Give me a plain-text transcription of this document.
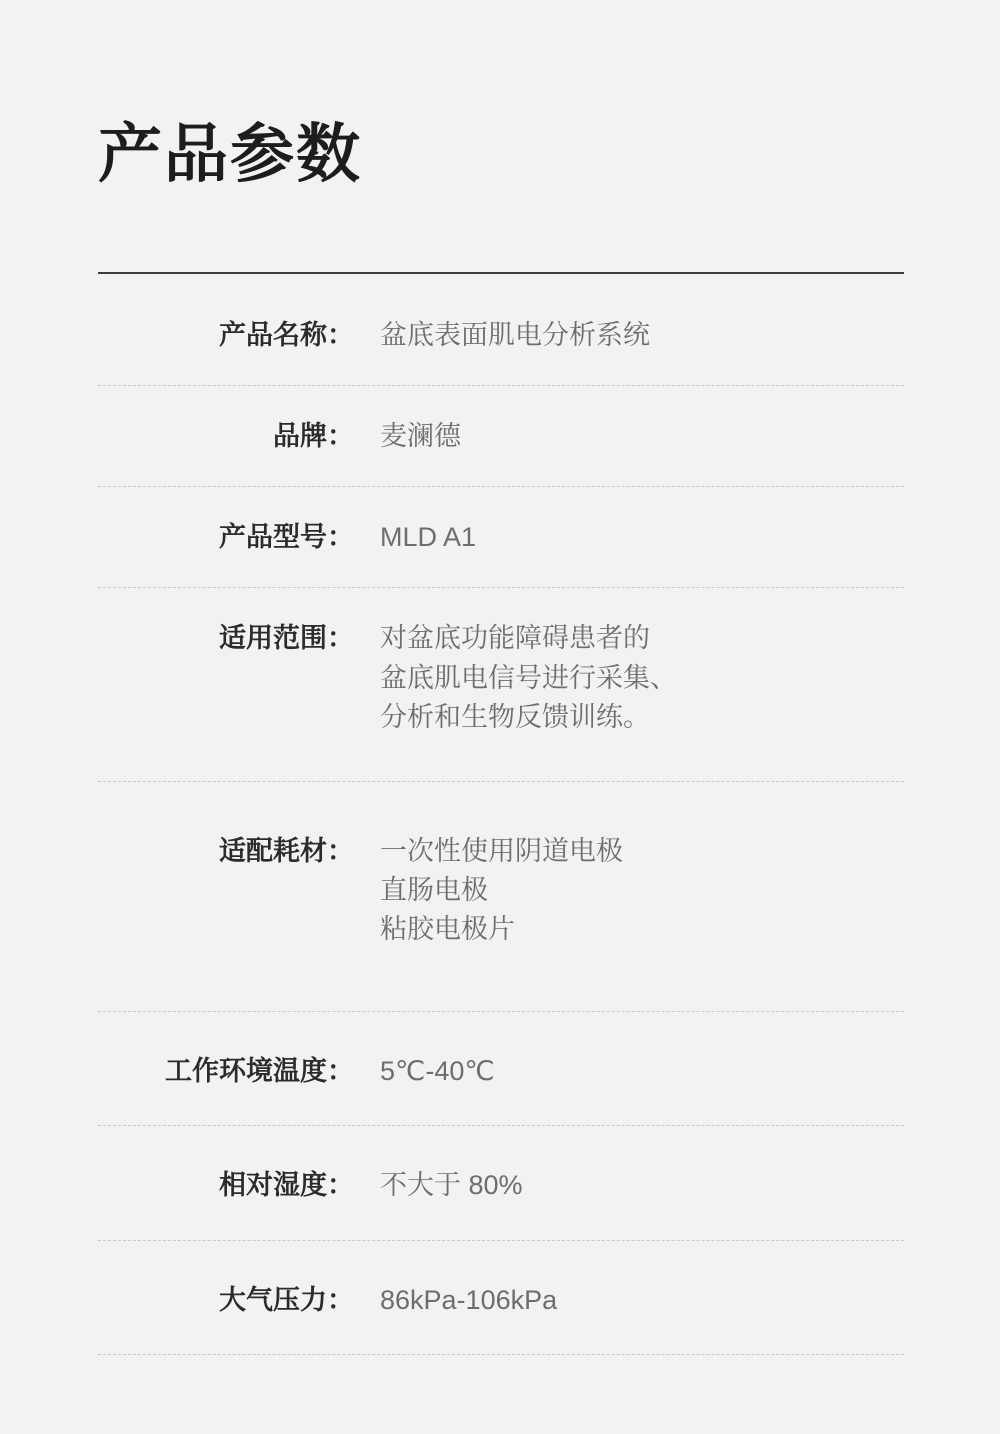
产品参数
产品名称： 盆底表面肌电分析系统
品牌： 麦澜德
产品型号： MLD A1
适用范围： 对盆底功能障碍患者的
盆底肌电信号进行采集、
分析和生物反馈训练。
适配耗材： 一次性使用阴道电极
直肠电极
粘胶电极片
工作环境温度： 5℃-40℃
相对湿度： 不大于 80%
大气压力： 86kPa-106kPa
